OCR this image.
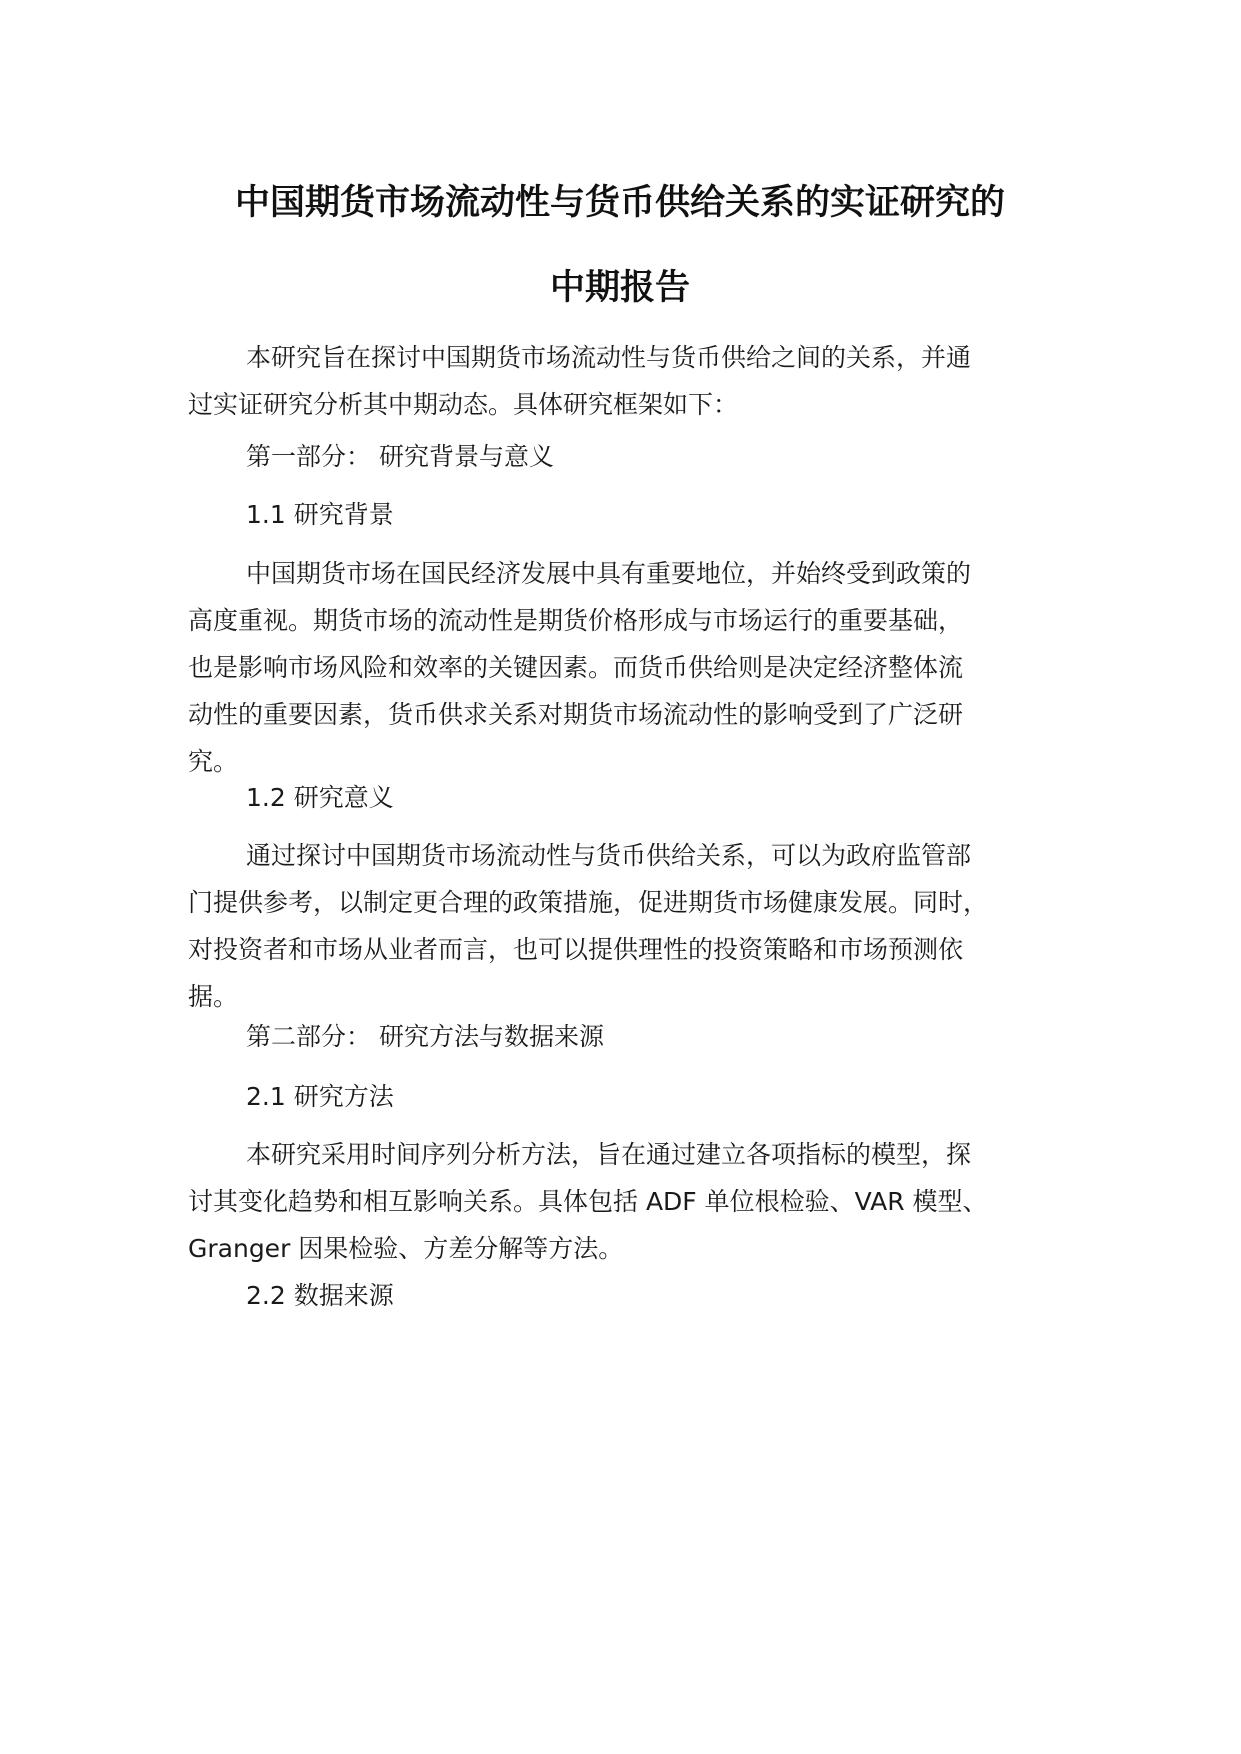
中国期货市场流动性与货币供给关系的实证研究的
中期报告

本研究旨在探讨中国期货市场流动性与货币供给之间的关系，并通
过实证研究分析其中期动态。具体研究框架如下：

第一部分： 研究背景与意义

1.1 研究背景

中国期货市场在国民经济发展中具有重要地位，并始终受到政策的
高度重视。期货市场的流动性是期货价格形成与市场运行的重要基础，
也是影响市场风险和效率的关键因素。而货币供给则是决定经济整体流
动性的重要因素，货币供求关系对期货市场流动性的影响受到了广泛研
究。

1.2 研究意义

通过探讨中国期货市场流动性与货币供给关系，可以为政府监管部
门提供参考，以制定更合理的政策措施，促进期货市场健康发展。同时，
对投资者和市场从业者而言，也可以提供理性的投资策略和市场预测依
据。

第二部分： 研究方法与数据来源

2.1 研究方法

本研究采用时间序列分析方法，旨在通过建立各项指标的模型，探
讨其变化趋势和相互影响关系。具体包括 ADF 单位根检验、VAR 模型、
Granger 因果检验、方差分解等方法。

2.2 数据来源
